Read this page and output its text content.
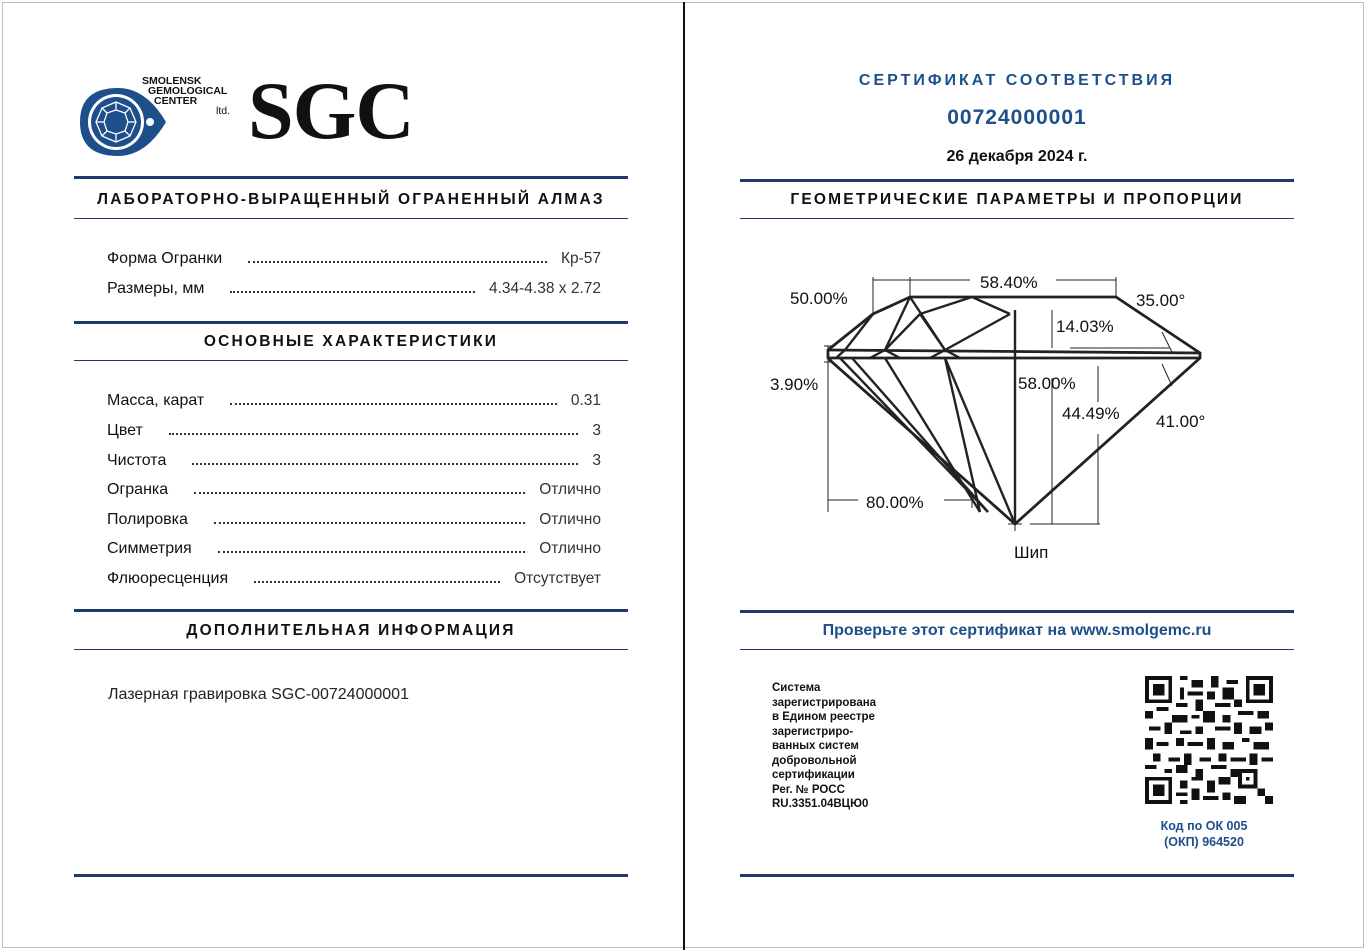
SMOLENSK
GEMOLOGICAL
CENTER
ltd. SGC
ЛАБОРАТОРНО-ВЫРАЩЕННЫЙ ОГРАНЕННЫЙ АЛМАЗ
Форма Огранки	Кр-57
Размеры, мм	4.34-4.38 x 2.72
ОСНОВНЫЕ ХАРАКТЕРИСТИКИ
Масса, карат	0.31
Цвет	3
Чистота	3
Огранка	Отлично
Полировка	Отлично
Симметрия	Отлично
Флюоресценция	Отсутствует
ДОПОЛНИТЕЛЬНАЯ ИНФОРМАЦИЯ
Лазерная гравировка SGC-00724000001
СЕРТИФИКАТ СООТВЕТСТВИЯ
00724000001
26 декабря 2024 г.
ГЕОМЕТРИЧЕСКИЕ ПАРАМЕТРЫ И ПРОПОРЦИИ
58.40%
35.00°
50.00%
14.03%
3.90%	58.00%
44.49% 41.00°
80.00%
Шип
Проверьте этот сертификат на www.smolgemc.ru
Система
зарегистрирована
в Едином реестре
зарегистриро-
ванных систем
добровольной
сертификации
Рег. № РОСС
RU.3351.04ВЦЮ0
Код по ОК 005
(ОКП) 964520
